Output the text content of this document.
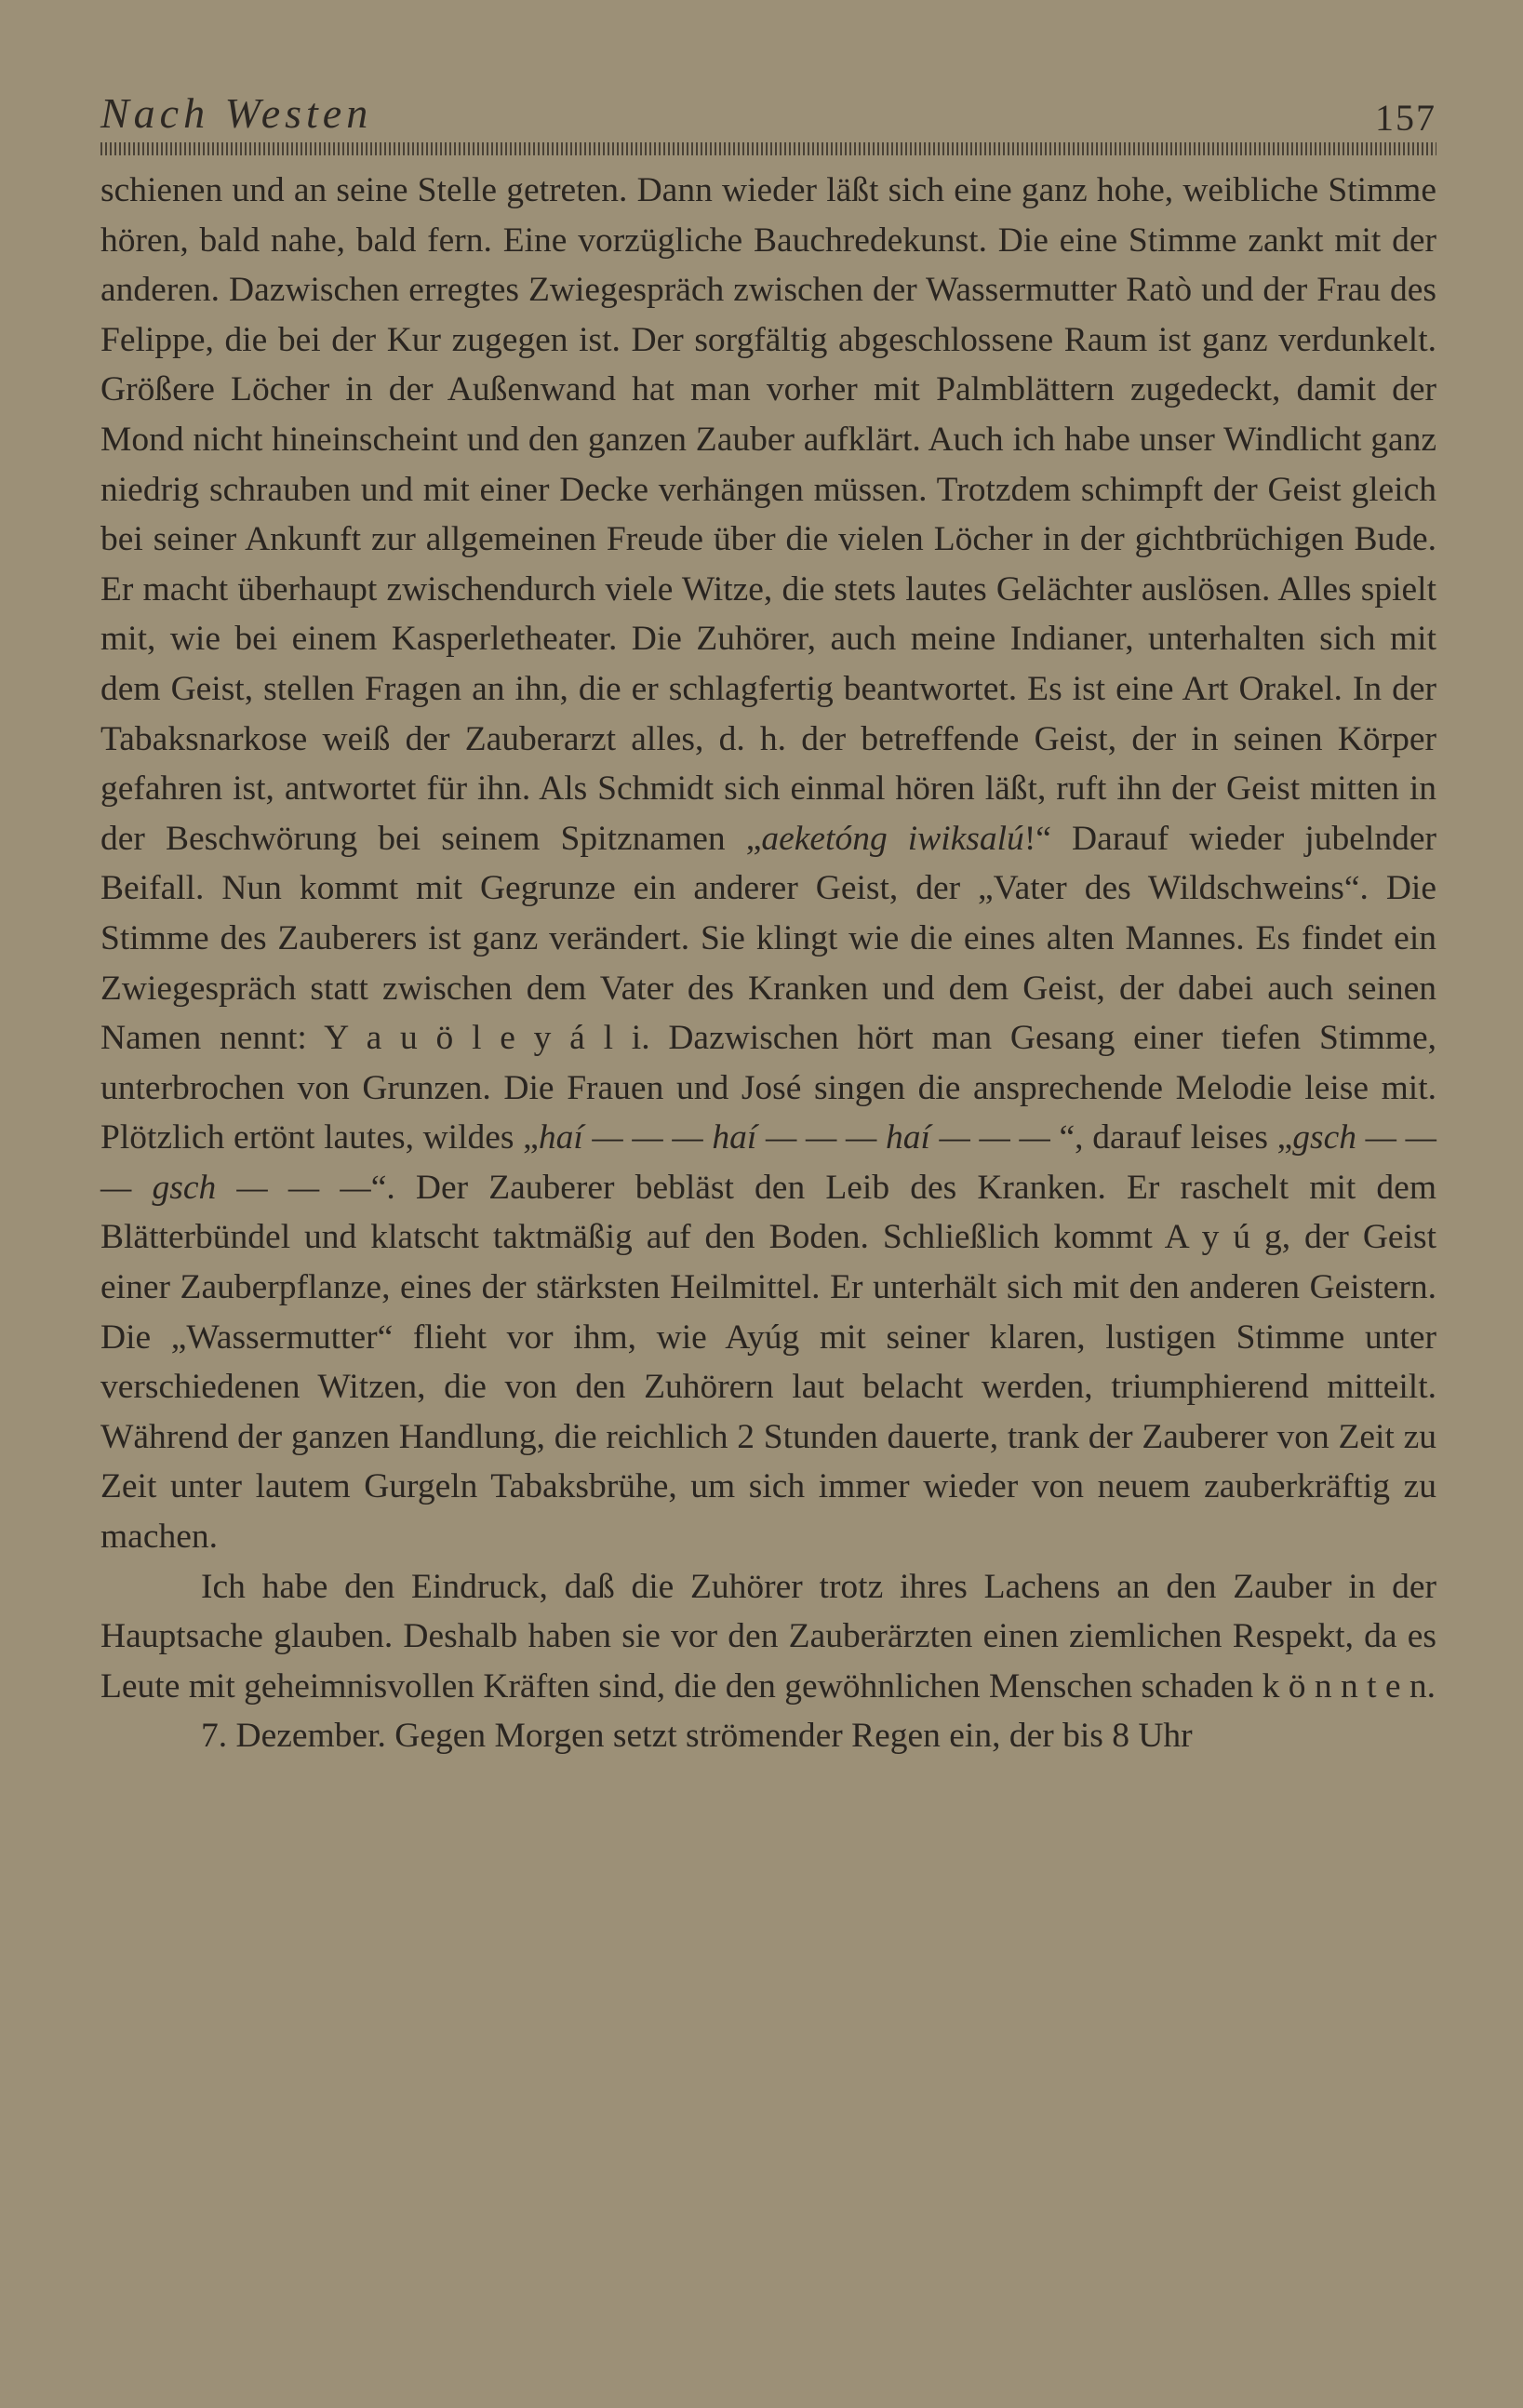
Nach Westen	157

schienen und an seine Stelle getreten. Dann wieder läßt sich eine ganz hohe, weibliche Stimme hören, bald nahe, bald fern. Eine vorzügliche Bauchredekunst. Die eine Stimme zankt mit der anderen. Dazwischen erregtes Zwiegespräch zwischen der Wassermutter Ratò und der Frau des Felippe, die bei der Kur zugegen ist. Der sorgfältig abgeschlossene Raum ist ganz verdunkelt. Größere Löcher in der Außenwand hat man vorher mit Palmblättern zugedeckt, damit der Mond nicht hineinscheint und den ganzen Zauber aufklärt. Auch ich habe unser Windlicht ganz niedrig schrauben und mit einer Decke verhängen müssen. Trotzdem schimpft der Geist gleich bei seiner Ankunft zur allgemeinen Freude über die vielen Löcher in der gichtbrüchigen Bude. Er macht überhaupt zwischendurch viele Witze, die stets lautes Gelächter auslösen. Alles spielt mit, wie bei einem Kasperletheater. Die Zuhörer, auch meine Indianer, unterhalten sich mit dem Geist, stellen Fragen an ihn, die er schlagfertig beantwortet. Es ist eine Art Orakel. In der Tabaksnarkose weiß der Zauberarzt alles, d. h. der betreffende Geist, der in seinen Körper gefahren ist, antwortet für ihn. Als Schmidt sich einmal hören läßt, ruft ihn der Geist mitten in der Beschwörung bei seinem Spitznamen „aeketóng iwiksalú!“ Darauf wieder jubelnder Beifall. Nun kommt mit Gegrunze ein anderer Geist, der „Vater des Wildschweins“. Die Stimme des Zauberers ist ganz verändert. Sie klingt wie die eines alten Mannes. Es findet ein Zwiegespräch statt zwischen dem Vater des Kranken und dem Geist, der dabei auch seinen Namen nennt: Y a u ö l e y á l i. Dazwischen hört man Gesang einer tiefen Stimme, unterbrochen von Grunzen. Die Frauen und José singen die ansprechende Melodie leise mit. Plötzlich ertönt lautes, wildes „haí — — — haí — — — haí — — — “, darauf leises „gsch — — — gsch — — —“. Der Zauberer bebläst den Leib des Kranken. Er raschelt mit dem Blätterbündel und klatscht taktmäßig auf den Boden. Schließlich kommt A y ú g, der Geist einer Zauberpflanze, eines der stärksten Heilmittel. Er unterhält sich mit den anderen Geistern. Die „Wassermutter“ flieht vor ihm, wie Ayúg mit seiner klaren, lustigen Stimme unter verschiedenen Witzen, die von den Zuhörern laut belacht werden, triumphierend mitteilt. Während der ganzen Handlung, die reichlich 2 Stunden dauerte, trank der Zauberer von Zeit zu Zeit unter lautem Gurgeln Tabaksbrühe, um sich immer wieder von neuem zauberkräftig zu machen.

Ich habe den Eindruck, daß die Zuhörer trotz ihres Lachens an den Zauber in der Hauptsache glauben. Deshalb haben sie vor den Zauberärzten einen ziemlichen Respekt, da es Leute mit geheimnisvollen Kräften sind, die den gewöhnlichen Menschen schaden k ö n n t e n.

7. Dezember. Gegen Morgen setzt strömender Regen ein, der bis 8 Uhr
